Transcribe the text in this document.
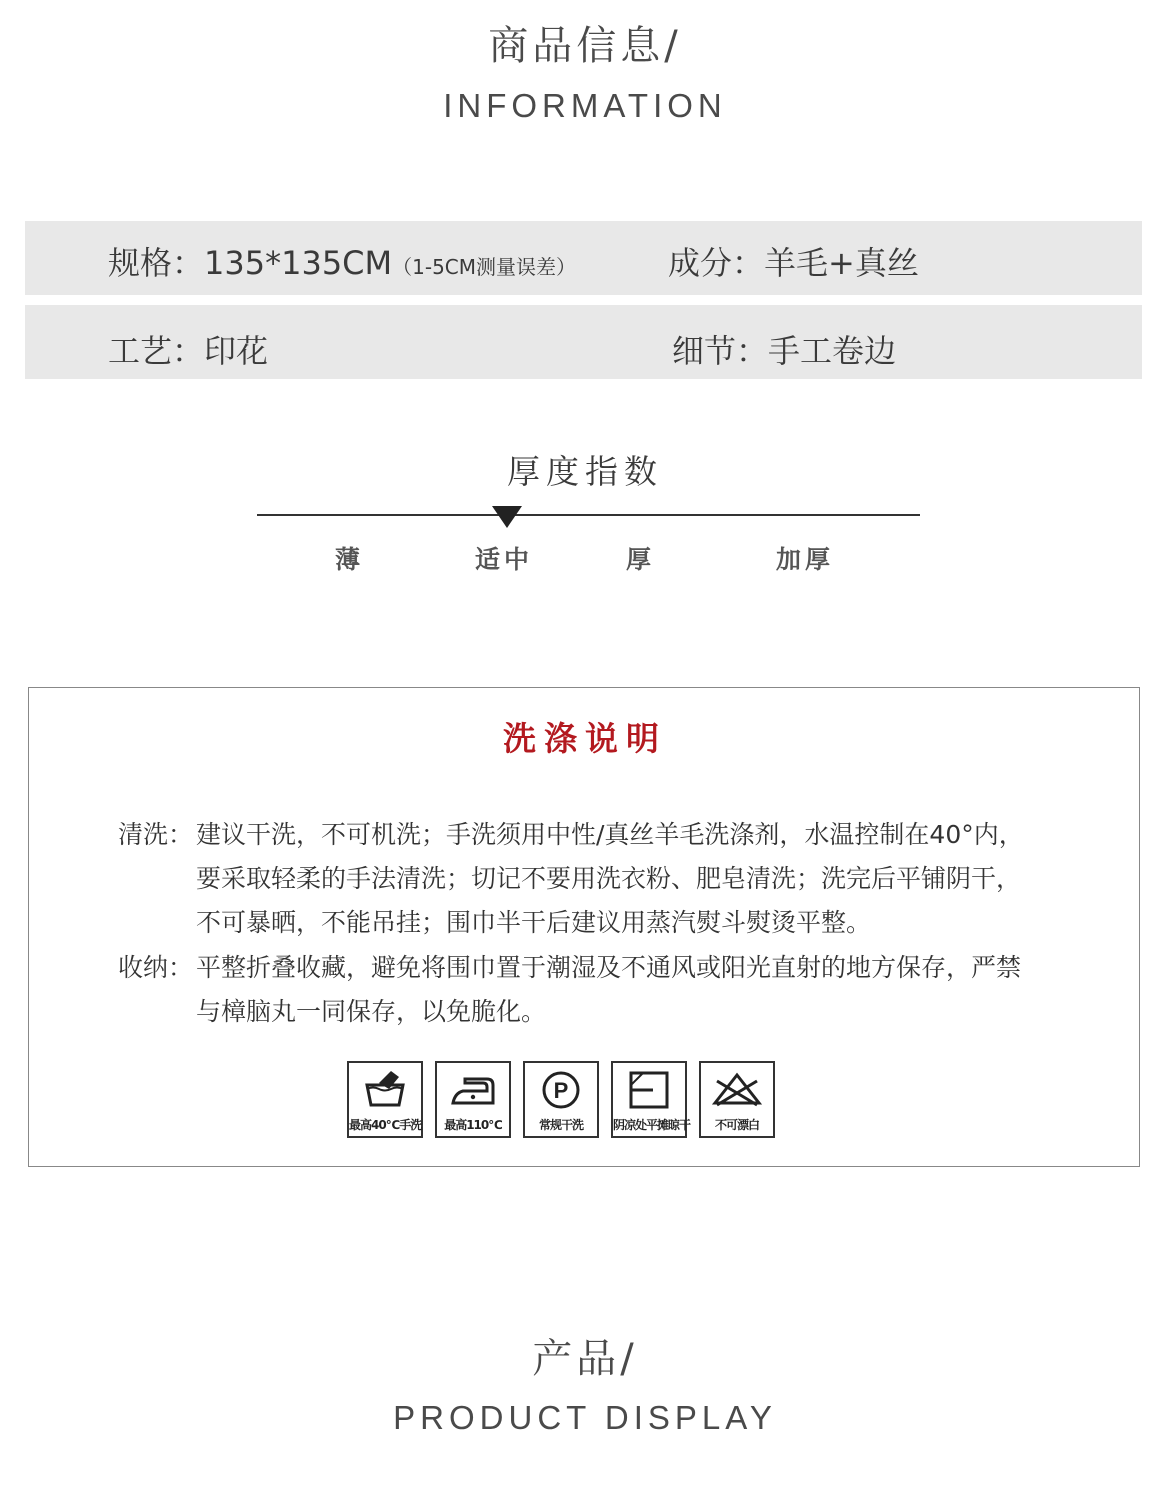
商品信息/
INFORMATION
规格：135*135CM（1-5CM测量误差）	成分：羊毛+真丝
工艺：印花	细节：手工卷边
厚度指数
薄	适中	厚	加厚
洗涤说明
清洗： 建议干洗，不可机洗；手洗须用中性/真丝羊毛洗涤剂，水温控制在40°内，
要采取轻柔的手法清洗；切记不要用洗衣粉、肥皂清洗；洗完后平铺阴干，
不可暴晒，不能吊挂；围巾半干后建议用蒸汽熨斗熨烫平整。
收纳： 平整折叠收藏，避免将围巾置于潮湿及不通风或阳光直射的地方保存，严禁
与樟脑丸一同保存，以免脆化。
最高40℃手洗	最高110℃
P
常规干洗	阴凉处平摊晾干	不可漂白
产品/
PRODUCT DISPLAY
